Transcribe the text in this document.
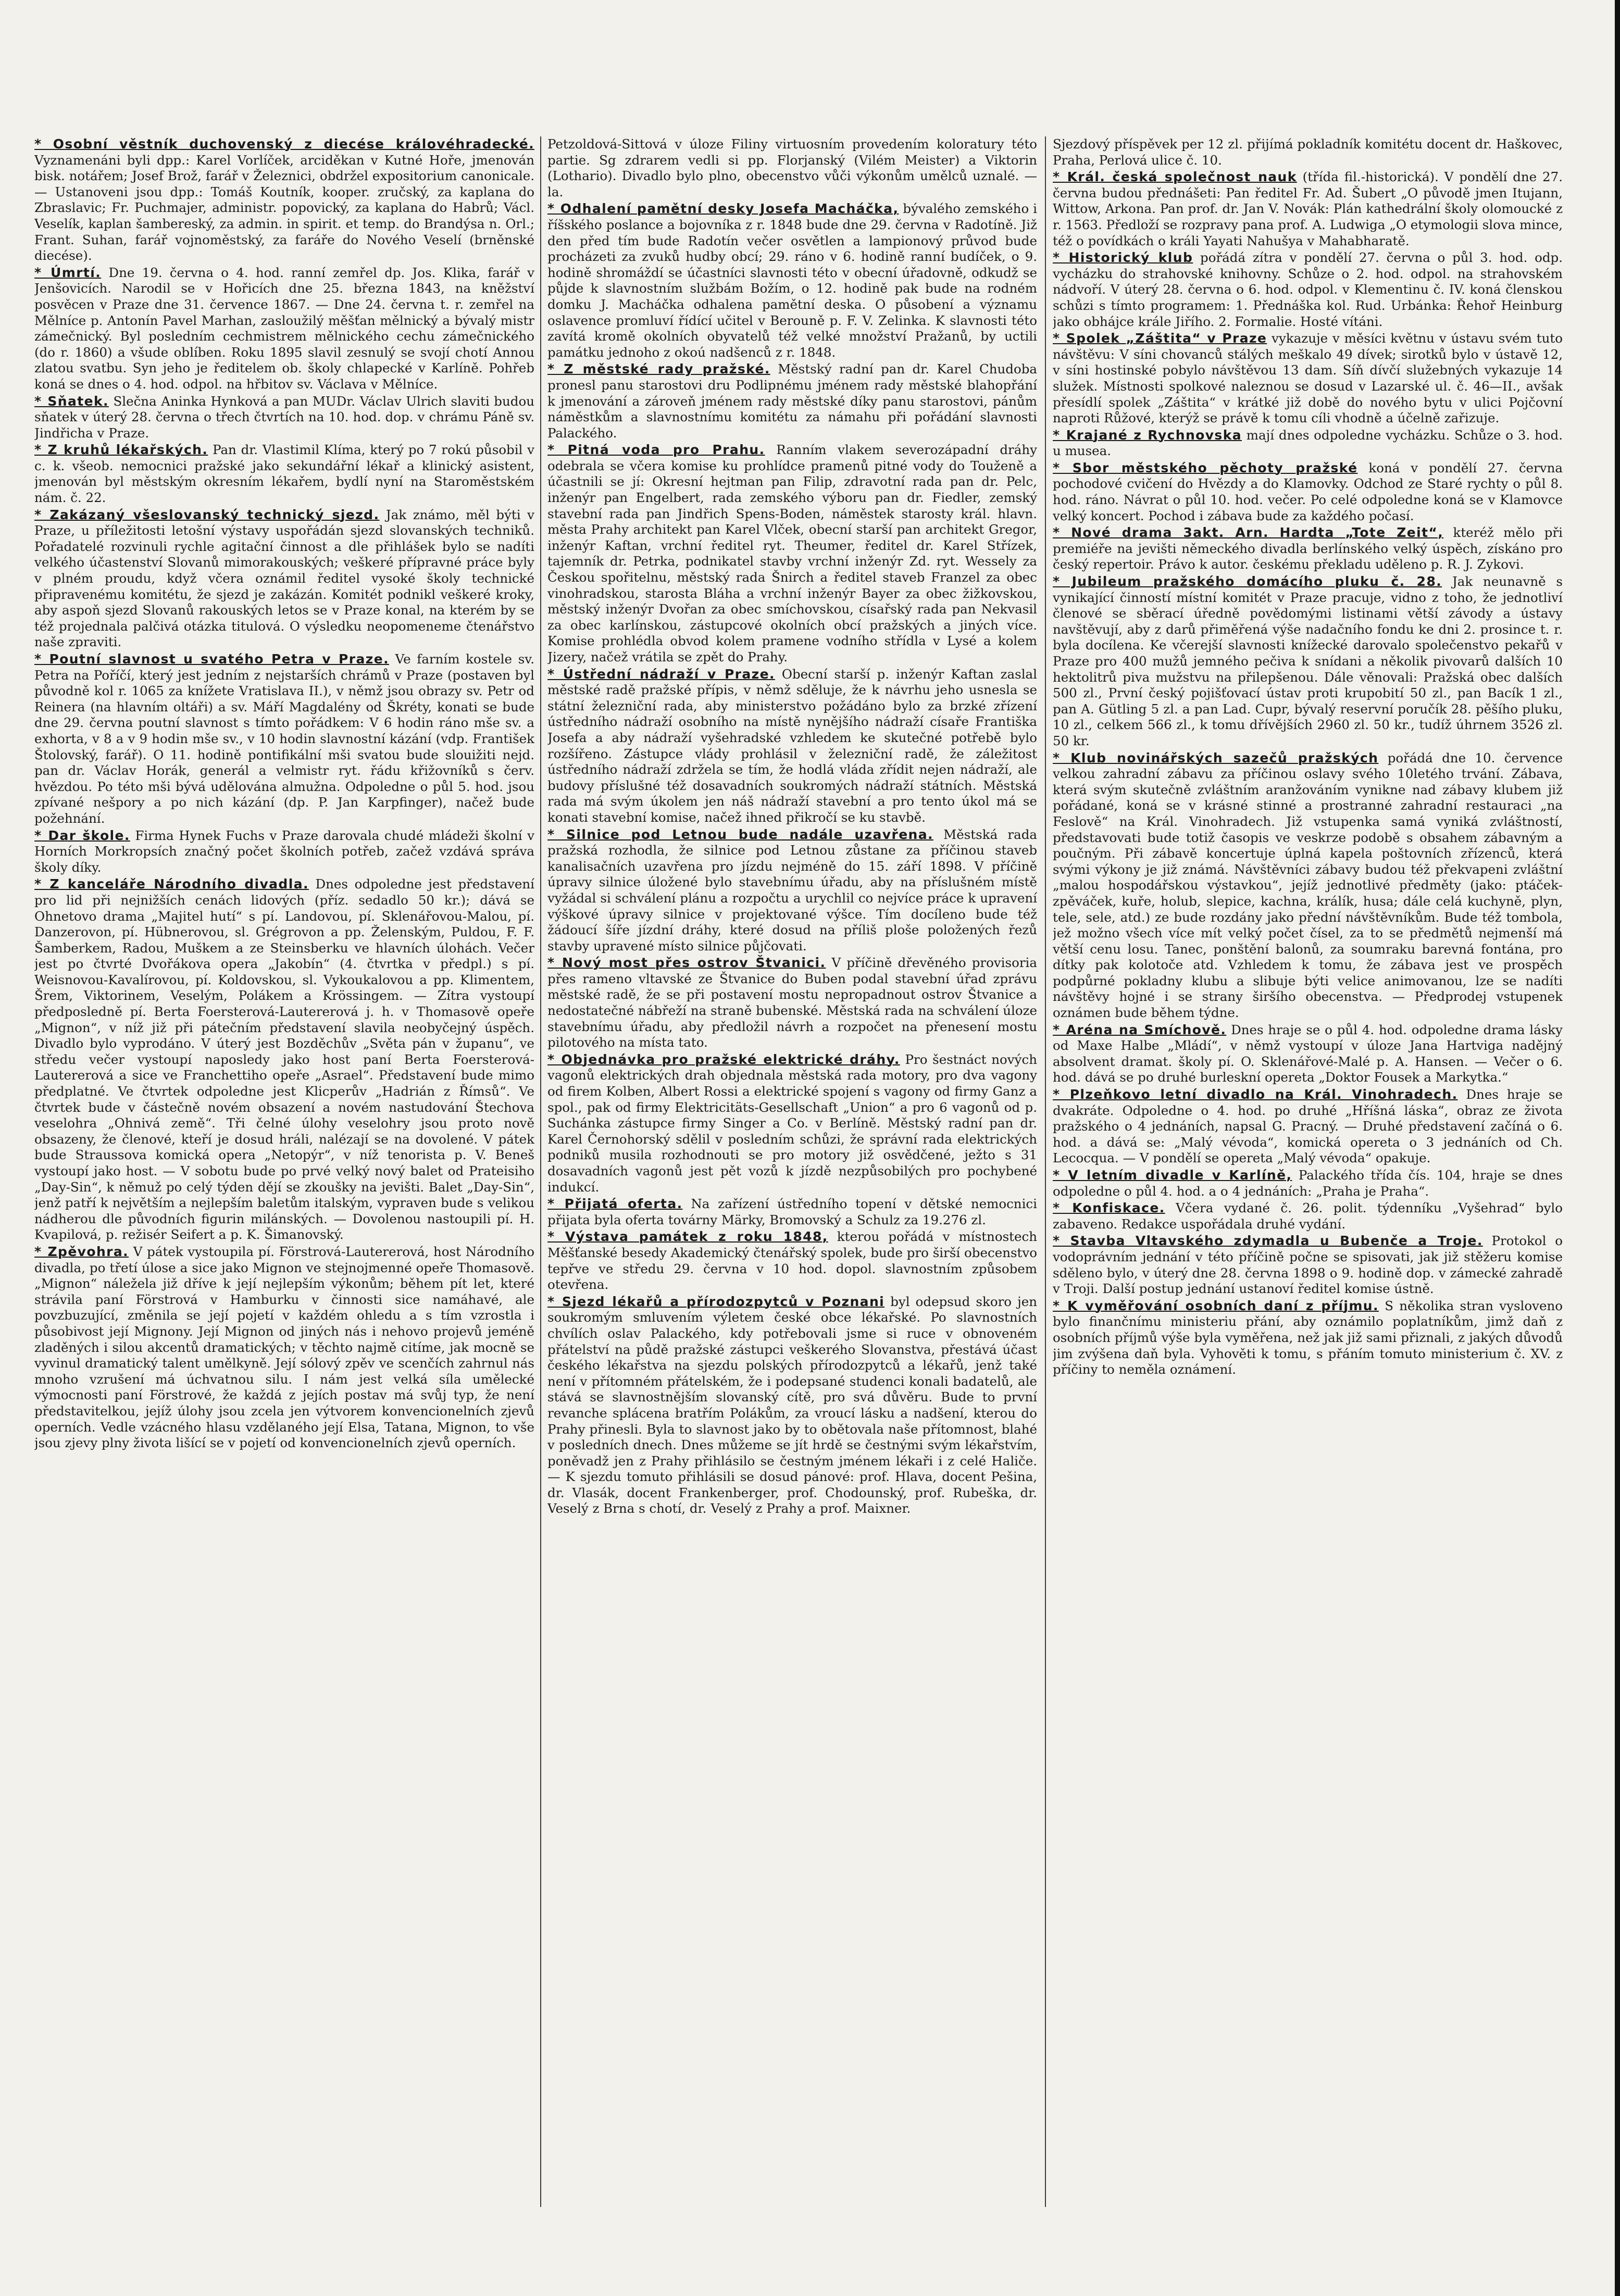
* Osobní věstník duchovenský z diecése královéhradecké. Vyznamenáni byli dpp.: Karel Vorlíček, arciděkan v Kutné Hoře, jmenován bisk. notářem; Josef Brož, farář v Železnici, obdržel expositorium canonicale. — Ustanoveni jsou dpp.: Tomáš Koutník, kooper. zručský, za kaplana do Zbraslavic; Fr. Puchmajer, administr. popovický, za kaplana do Habrů; Václ. Veselík, kaplan šambereský, za admin. in spirit. et temp. do Brandýsa n. Orl.; Frant. Suhan, farář vojnoměstský, za faráře do Nového Veselí (brněnské diecése).

* Úmrtí. Dne 19. června o 4. hod. ranní zemřel dp. Jos. Klika, farář v Jenšovicích. Narodil se v Hořicích dne 25. března 1843, na kněžství posvěcen v Praze dne 31. července 1867. — Dne 24. června t. r. zemřel na Mělníce p. Antonín Pavel Marhan, zasloužilý měšťan mělnický a bývalý mistr zámečnický. Byl posledním cechmistrem mělnického cechu zámečnického (do r. 1860) a všude oblíben. Roku 1895 slavil zesnulý se svojí chotí Annou zlatou svatbu. Syn jeho je ředitelem ob. školy chlapecké v Karlíně. Pohřeb koná se dnes o 4. hod. odpol. na hřbitov sv. Václava v Mělníce.

* Sňatek. Slečna Aninka Hynková a pan MUDr. Václav Ulrich slaviti budou sňatek v úterý 28. června o třech čtvrtích na 10. hod. dop. v chrámu Páně sv. Jindřicha v Praze.

* Z kruhů lékařských. Pan dr. Vlastimil Klíma, který po 7 rokú působil v c. k. všeob. nemocnici pražské jako sekundářní lékař a klinický asistent, jmenován byl městským okresním lékařem, bydlí nyní na Staroměstském nám. č. 22.

* Zakázaný všeslovanský technický sjezd. Jak známo, měl býti v Praze, u příležitosti letošní výstavy uspořádán sjezd slovanských techniků. Pořadatelé rozvinuli rychle agitační činnost a dle přihlášek bylo se nadíti velkého účastenství Slovanů mimorakouských; veškeré přípravné práce byly v plném proudu, když včera oznámil ředitel vysoké školy technické připravenému komitétu, že sjezd je zakázán. Komitét podnikl veškeré kroky, aby aspoň sjezd Slovanů rakouských letos se v Praze konal, na kterém by se též projednala palčivá otázka titulová. O výsledku neopomeneme čtenářstvo naše zpraviti.

* Poutní slavnost u svatého Petra v Praze. Ve farním kostele sv. Petra na Poříčí, který jest jedním z nejstarších chrámů v Praze (postaven byl původně kol r. 1065 za knížete Vratislava II.), v němž jsou obrazy sv. Petr od Reinera (na hlavním oltáři) a sv. Máří Magdalény od Škréty, konati se bude dne 29. června poutní slavnost s tímto pořádkem: V 6 hodin ráno mše sv. a exhorta, v 8 a v 9 hodin mše sv., v 10 hodin slavnostní kázání (vdp. František Štolovský, farář). O 11. hodině pontifikální mši svatou bude slouižiti nejd. pan dr. Václav Horák, generál a velmistr ryt. řádu křižovníků s červ. hvězdou. Po této mši bývá udělována almužna. Odpoledne o půl 5. hod. jsou zpívané nešpory a po nich kázání (dp. P. Jan Karpfinger), načež bude požehnání.

* Dar škole. Firma Hynek Fuchs v Praze darovala chudé mládeži školní v Horních Morkropsích značný počet školních potřeb, začež vzdává správa školy díky.

* Z kanceláře Národního divadla. Dnes odpoledne jest představení pro lid při nejnižších cenách lidových (příz. sedadlo 50 kr.); dává se Ohnetovo drama „Majitel hutí“ s pí. Landovou, pí. Sklenářovou-Malou, pí. Danzerovon, pí. Hübnerovou, sl. Grégrovon a pp. Želenským, Puldou, F. F. Šamberkem, Radou, Muškem a ze Steinsberku ve hlavních úlohách. Večer jest po čtvrté Dvořákova opera „Jakobín“ (4. čtvrtka v předpl.) s pí. Weisnovou-Kavalírovou, pí. Koldovskou, sl. Vykoukalovou a pp. Klimentem, Šrem, Viktorinem, Veselým, Polákem a Krössingem. — Zítra vystoupí předposledně pí. Berta Foersterová-Lautererová j. h. v Thomasově opeře „Mignon“, v níž již při pátečním představení slavila neobyčejný úspěch. Divadlo bylo vyprodáno. V úterý jest Bozděchův „Světa pán v županu“, ve středu večer vystoupí naposledy jako host paní Berta Foersterová-Lautererová a sice ve Franchettiho opeře „Asrael“. Představení bude mimo předplatné. Ve čtvrtek odpoledne jest Klicperův „Hadrián z Římsů“. Ve čtvrtek bude v částečně novém obsazení a novém nastudování Štechova veselohra „Ohnivá země“. Tři čelné úlohy veselohry jsou proto nově obsazeny, že členové, kteří je dosud hráli, nalézají se na dovolené. V pátek bude Straussova komická opera „Netopýr“, v níž tenorista p. V. Beneš vystoupí jako host. — V sobotu bude po prvé velký nový balet od Prateisiho „Day-Sin“, k němuž po celý týden dějí se zkoušky na jevišti. Balet „Day-Sin“, jenž patří k největším a nejlepším baletům italským, vypraven bude s velikou nádherou dle původních figurin milánských. — Dovolenou nastoupili pí. H. Kvapilová, p. režisér Seifert a p. K. Šimanovský.

* Zpěvohra. V pátek vystoupila pí. Förstrová-Lautererová, host Národního divadla, po třetí úlose a sice jako Mignon ve stejnojmenné opeře Thomasově. „Mignon“ náležela již dříve k její nejlepším výkonům; během pít let, které strávila paní Förstrová v Hamburku v činnosti sice namáhavé, ale povzbuzující, změnila se její pojetí v každém ohledu a s tím vzrostla i působivost její Mignony. Její Mignon od jiných nás i nehovo projevů jeméně zladěných i silou akcentů dramatických; v těchto najmě citíme, jak mocně se vyvinul dramatický talent umělkyně. Její sólový zpěv ve scenčích zahrnul nás mnoho vzrušení má úchvatnou silu. I nám jest velká síla umělecké výmocnosti paní Förstrové, že každá z jejích postav má svůj typ, že není představitelkou, jejíž úlohy jsou zcela jen výtvorem konvencionelních zjevů operních. Vedle vzácného hlasu vzdělaného její Elsa, Tatana, Mignon, to vše jsou zjevy plny života lišící se v pojetí od konvencionelních zjevů operních.

Petzoldová-Sittová v úloze Filiny virtuosním provedením koloratury této partie. Sg zdrarem vedli si pp. Florjanský (Vilém Meister) a Viktorin (Lothario). Divadlo bylo plno, obecenstvo vůči výkonům umělců uznalé. —la.

* Odhalení pamětní desky Josefa Macháčka, bývalého zemského i říšského poslance a bojovníka z r. 1848 bude dne 29. června v Radotíně. Již den před tím bude Radotín večer osvětlen a lampionový průvod bude procházeti za zvuků hudby obcí; 29. ráno v 6. hodině ranní budíček, o 9. hodině shromáždí se účastníci slavnosti této v obecní úřadovně, odkudž se půjde k slavnostním službám Božím, o 12. hodině pak bude na rodném domku J. Macháčka odhalena pamětní deska. O působení a významu oslavence promluví řídící učitel v Berouně p. F. V. Zelinka. K slavnosti této zavítá kromě okolních obyvatelů též velké množství Pražanů, by uctili památku jednoho z okoú nadšenců z r. 1848.

* Z městské rady pražské. Městský radní pan dr. Karel Chudoba pronesl panu starostovi dru Podlipnému jménem rady městské blahopřání k jmenování a zároveň jménem rady městské díky panu starostovi, pánům náměstkům a slavnostnímu komitétu za námahu při pořádání slavnosti Palackého.

* Pitná voda pro Prahu. Ranním vlakem severozápadní dráhy odebrala se včera komise ku prohlídce pramenů pitné vody do Touženě a účastnili se jí: Okresní hejtman pan Filip, zdravotní rada pan dr. Pelc, inženýr pan Engelbert, rada zemského výboru pan dr. Fiedler, zemský stavební rada pan Jindřich Spens-Boden, náměstek starosty král. hlavn. města Prahy architekt pan Karel Vlček, obecní starší pan architekt Gregor, inženýr Kaftan, vrchní ředitel ryt. Theumer, ředitel dr. Karel Střízek, tajemník dr. Petrka, podnikatel stavby vrchní inženýr Zd. ryt. Wessely za Českou spořitelnu, městský rada Šnirch a ředitel staveb Franzel za obec vinohradskou, starosta Bláha a vrchní inženýr Bayer za obec žižkovskou, městský inženýr Dvořan za obec smíchovskou, císařský rada pan Nekvasil za obec karlínskou, zástupcové okolních obcí pražských a jiných více. Komise prohlédla obvod kolem pramene vodního střídla v Lysé a kolem Jizery, načež vrátila se zpět do Prahy.

* Ústřední nádraží v Praze. Obecní starší p. inženýr Kaftan zaslal městské radě pražské přípis, v němž sděluje, že k návrhu jeho usnesla se státní železniční rada, aby ministerstvo požádáno bylo za brzké zřízení ústředního nádraží osobního na místě nynějšího nádraží císaře Františka Josefa a aby nádraží vyšehradské vzhledem ke skutečné potřebě bylo rozšířeno. Zástupce vlády prohlásil v železniční radě, že záležitost ústředního nádraží zdržela se tím, že hodlá vláda zřídit nejen nádraží, ale budovy příslušné též dosavadních soukromých nádraží státních. Městská rada má svým úkolem jen náš nádraží stavební a pro tento úkol má se konati stavební komise, načež ihned přikročí se ku stavbě.

* Silnice pod Letnou bude nadále uzavřena. Městská rada pražská rozhodla, že silnice pod Letnou zůstane za příčinou staveb kanalisačních uzavřena pro jízdu nejméně do 15. září 1898. V příčině úpravy silnice úložené bylo stavebnímu úřadu, aby na příslušném místě vyžádal si schválení plánu a rozpočtu a urychlil co nejvíce práce k upravení výškové úpravy silnice v projektované výšce. Tím docíleno bude též žádoucí šíře jízdní dráhy, které dosud na příliš ploše položených řezů stavby upravené místo silnice půjčovati.

* Nový most přes ostrov Štvanici. V příčině dřevěného provisoria přes rameno vltavské ze Štvanice do Buben podal stavební úřad zprávu městské radě, že se při postavení mostu nepropadnout ostrov Štvanice a nedostatečné nábřeží na straně bubenské. Městská rada na schválení úloze stavebnímu úřadu, aby předložil návrh a rozpočet na přenesení mostu pilotového na místa tato.

* Objednávka pro pražské elektrické dráhy. Pro šestnáct nových vagonů elektrických drah objednala městská rada motory, pro dva vagony od firem Kolben, Albert Rossi a elektrické spojení s vagony od firmy Ganz a spol., pak od firmy Elektricitäts-Gesellschaft „Union“ a pro 6 vagonů od p. Suchánka zástupce firmy Singer a Co. v Berlíně. Městský radní pan dr. Karel Černohorský sdělil v posledním schůzi, že správní rada elektrických podniků musila rozhodnouti se pro motory již osvědčené, ježto s 31 dosavadních vagonů jest pět vozů k jízdě nezpůsobilých pro pochybené indukcí.

* Přijatá oferta. Na zařízení ústředního topení v dětské nemocnici přijata byla oferta továrny Märky, Bromovský a Schulz za 19.276 zl.

* Výstava památek z roku 1848, kterou pořádá v místnostech Měšťanské besedy Akademický čtenářský spolek, bude pro širší obecenstvo tepřve ve středu 29. června v 10 hod. dopol. slavnostním způsobem otevřena.

* Sjezd lékařů a přírodozpytců v Poznani byl odepsud skoro jen soukromým smluvením výletem české obce lékařské. Po slavnostních chvílích oslav Palackého, kdy potřebovali jsme si ruce v obnoveném přátelství na půdě pražské zástupci veškerého Slovanstva, přestává účast českého lékařstva na sjezdu polských přírodozpytců a lékařů, jenž také není v přítomném přátelském, že i podepsané studenci konali badatelů, ale stává se slavnostnějším slovanský cítě, pro svá důvěru. Bude to první revanche splácena bratřím Polákům, za vroucí lásku a nadšení, kterou do Prahy přinesli. Byla to slavnost jako by to obětovala naše přítomnost, blahé v posledních dnech. Dnes můžeme se jít hrdě se čestnými svým lékařstvím, poněvadž jen z Prahy přihlásilo se čestným jménem lékaři i z celé Haliče. — K sjezdu tomuto přihlásili se dosud pánové: prof. Hlava, docent Pešina, dr. Vlasák, docent Frankenberger, prof. Chodounský, prof. Rubeška, dr. Veselý z Brna s chotí, dr. Veselý z Prahy a prof. Maixner.

Sjezdový příspěvek per 12 zl. přijímá pokladník komitétu docent dr. Haškovec, Praha, Perlová ulice č. 10.

* Král. česká společnost nauk (třída fil.-historická). V pondělí dne 27. června budou přednášeti: Pan ředitel Fr. Ad. Šubert „O původě jmen Itujann, Wittow, Arkona. Pan prof. dr. Jan V. Novák: Plán kathedrální školy olomoucké z r. 1563. Předloží se rozpravy pana prof. A. Ludwiga „O etymologii slova mince, též o povídkách o králi Yayati Nahušya v Mahabharatě.

* Historický klub pořádá zítra v pondělí 27. června o půl 3. hod. odp. vycházku do strahovské knihovny. Schůze o 2. hod. odpol. na strahovském nádvoří. V úterý 28. června o 6. hod. odpol. v Klementinu č. IV. koná členskou schůzi s tímto programem: 1. Přednáška kol. Rud. Urbánka: Řehoř Heinburg jako obhájce krále Jiřího. 2. Formalie. Hosté vítáni.

* Spolek „Záštita“ v Praze vykazuje v měsíci květnu v ústavu svém tuto návštěvu: V síni chovanců stálých meškalo 49 dívek; sirotků bylo v ústavě 12, v síni hostinské pobylo návštěvou 13 dam. Síň dívčí služebných vykazuje 14 služek. Místnosti spolkové naleznou se dosud v Lazarské ul. č. 46—II., avšak přesídlí spolek „Záštita“ v krátké již době do nového bytu v ulici Pojčovní naproti Růžové, kterýž se právě k tomu cíli vhodně a účelně zařizuje.

* Krajané z Rychnovska mají dnes odpoledne vycházku. Schůze o 3. hod. u musea.

* Sbor městského pěchoty pražské koná v pondělí 27. června pochodové cvičení do Hvězdy a do Klamovky. Odchod ze Staré rychty o půl 8. hod. ráno. Návrat o půl 10. hod. večer. Po celé odpoledne koná se v Klamovce velký koncert. Pochod i zábava bude za každého počasí.

* Nové drama 3akt. Arn. Hardta „Tote Zeit“, kteréž mělo při premiéře na jevišti německého divadla berlínského velký úspěch, získáno pro český repertoir. Právo k autor. českému překladu uděleno p. R. J. Zykovi.

* Jubileum pražského domácího pluku č. 28. Jak neunavně s vynikající činností místní komitét v Praze pracuje, vidno z toho, že jednotliví členové se sběrací úředně povědomými listinami větší závody a ústavy navštěvují, aby z darů přiměřená výše nadačního fondu ke dni 2. prosince t. r. byla docílena. Ke včerejší slavnosti knížecké darovalo společenstvo pekařů v Praze pro 400 mužů jemného pečiva k snídani a několik pivovarů dalších 10 hektolitrů piva mužstvu na přilepšenou. Dále věnovali: Pražská obec dalších 500 zl., První český pojišťovací ústav proti krupobití 50 zl., pan Bacík 1 zl., pan A. Gütling 5 zl. a pan Lad. Cupr, bývalý reservní poručík 28. pěšího pluku, 10 zl., celkem 566 zl., k tomu dřívějších 2960 zl. 50 kr., tudíž úhrnem 3526 zl. 50 kr.

* Klub novinářských sazečů pražských pořádá dne 10. července velkou zahradní zábavu za příčinou oslavy svého 10letého trvání. Zábava, která svým skutečně zvláštním aranžováním vynikne nad zábavy klubem již pořádané, koná se v krásné stinné a prostranné zahradní restauraci „na Feslově“ na Král. Vinohradech. Již vstupenka samá vyniká zvláštností, představovati bude totiž časopis ve veskrze podobě s obsahem zábavným a poučným. Při zábavě koncertuje úplná kapela poštovních zřízenců, která svými výkony je již známá. Návštěvníci zábavy budou též překvapeni zvláštní „malou hospodářskou výstavkou“, jejíž jednotlivé předměty (jako: ptáček-zpěváček, kuře, holub, slepice, kachna, králík, husa; dále celá kuchyně, plyn, tele, sele, atd.) ze bude rozdány jako přední návštěvníkům. Bude též tombola, jež možno všech více mít velký počet čísel, za to se předmětů nejmenší má větší cenu losu. Tanec, ponštění balonů, za soumraku barevná fontána, pro dítky pak kolotoče atd. Vzhledem k tomu, že zábava jest ve prospěch podpůrné pokladny klubu a slibuje býti velice animovanou, lze se nadíti návštěvy hojné i se strany širšího obecenstva. — Předprodej vstupenek oznámen bude během týdne.

* Aréna na Smíchově. Dnes hraje se o půl 4. hod. odpoledne drama lásky od Maxe Halbe „Mládí“, v němž vystoupí v úloze Jana Hartviga nadějný absolvent dramat. školy pí. O. Sklenářové-Malé p. A. Hansen. — Večer o 6. hod. dává se po druhé burleskní opereta „Doktor Fousek a Markytka.“

* Plzeňkovo letní divadlo na Král. Vinohradech. Dnes hraje se dvakráte. Odpoledne o 4. hod. po druhé „Hříšná láska“, obraz ze života pražského o 4 jednáních, napsal G. Pracný. — Druhé představení začíná o 6. hod. a dává se: „Malý vévoda“, komická opereta o 3 jednáních od Ch. Lecocqua. — V pondělí se opereta „Malý vévoda“ opakuje.

* V letním divadle v Karlíně, Palackého třída čís. 104, hraje se dnes odpoledne o půl 4. hod. a o 4 jednáních: „Praha je Praha“.

* Konfiskace. Včera vydané č. 26. polit. týdenníku „Vyšehrad“ bylo zabaveno. Redakce uspořádala druhé vydání.

* Stavba Vltavského zdymadla u Bubenče a Troje. Protokol o vodoprávním jednání v této příčině počne se spisovati, jak již stěžeru komise sděleno bylo, v úterý dne 28. června 1898 o 9. hodině dop. v zámecké zahradě v Troji. Další postup jednání ustanoví ředitel komise ústně.

* K vyměřování osobních daní z příjmu. S několika stran vysloveno bylo finančnímu ministeriu přání, aby oznámilo poplatníkům, jimž daň z osobních příjmů výše byla vyměřena, než jak již sami přiznali, z jakých důvodů jim zvýšena daň byla. Vyhověti k tomu, s přáním tomuto ministerium č. XV. z příčiny to neměla oznámení.
